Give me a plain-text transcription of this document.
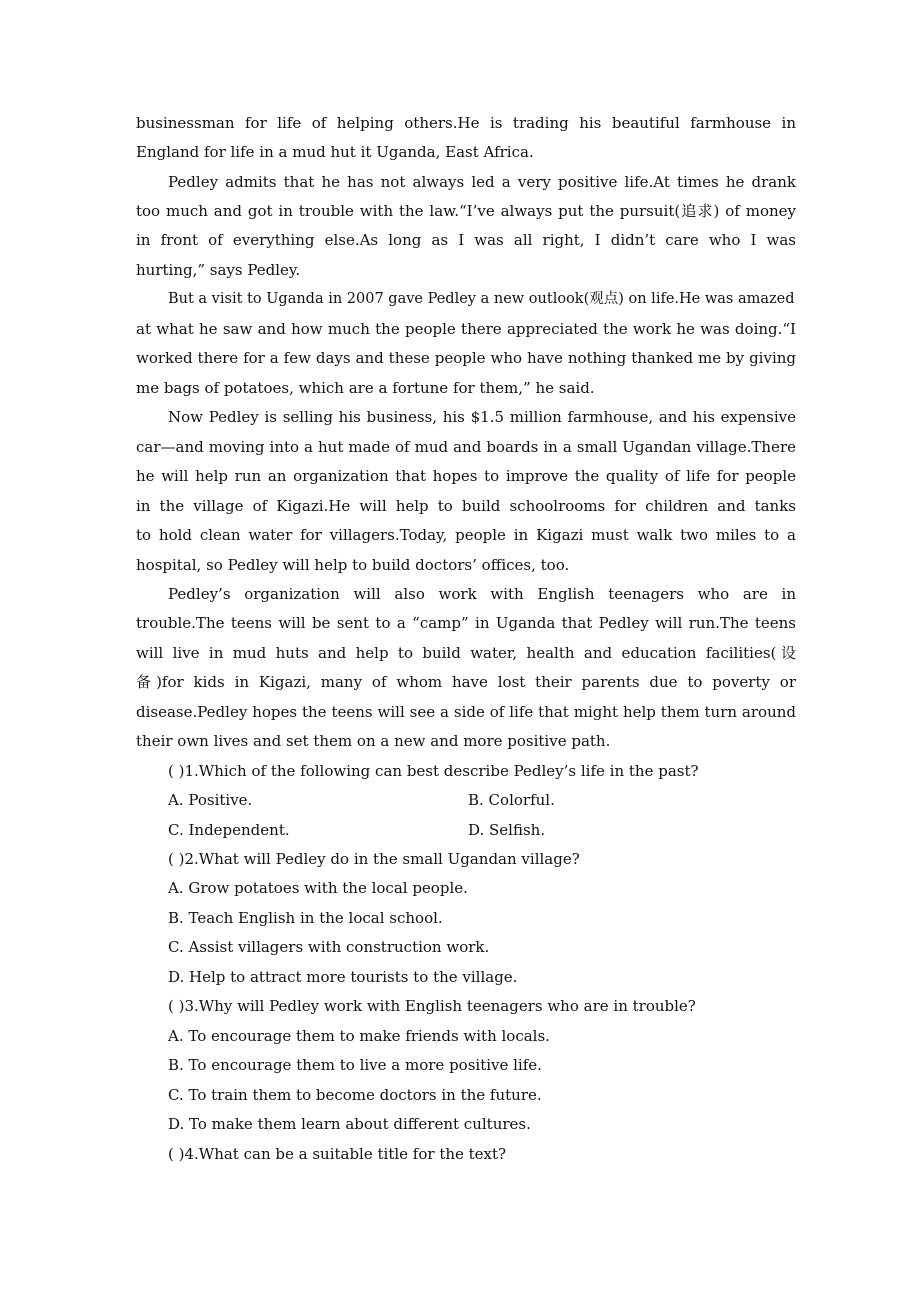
businessman for life of helping others.He is trading his beautiful farmhouse in
England for life in a mud hut it Uganda, East Africa.
Pedley admits that he has not always led a very positive life.At times he drank
too much and got in trouble with the law.“I’ve always put the pursuit(追求) of money
in front of everything else.As long as I was all right, I didn’t care who I was
hurting,” says Pedley.
But a visit to Uganda in 2007 gave Pedley a new outlook(观点) on life.He was amazed
at what he saw and how much the people there appreciated the work he was doing.“I
worked there for a few days and these people who have nothing thanked me by giving
me bags of potatoes, which are a fortune for them,” he said.
Now Pedley is selling his business, his $1.5 million farmhouse, and his expensive
car—and moving into a hut made of mud and boards in a small Ugandan village.There
he will help run an organization that hopes to improve the quality of life for people
in the village of Kigazi.He will help to build schoolrooms for children and tanks
to hold clean water for villagers.Today, people in Kigazi must walk two miles to a
hospital, so Pedley will help to build doctors’ offices, too.
Pedley’s organization will also work with English teenagers who are in
trouble.The teens will be sent to a “camp” in Uganda that Pedley will run.The teens
will live in mud huts and help to build water, health and education facilities(设
备)for kids in Kigazi, many of whom have lost their parents due to poverty or
disease.Pedley hopes the teens will see a side of life that might help them turn around
their own lives and set them on a new and more positive path.
( )1.Which of the following can best describe Pedley’s life in the past?
A. Positive.	B. Colorful.
C. Independent.	D. Selfish.
( )2.What will Pedley do in the small Ugandan village?
A. Grow potatoes with the local people.
B. Teach English in the local school.
C. Assist villagers with construction work.
D. Help to attract more tourists to the village.
( )3.Why will Pedley work with English teenagers who are in trouble?
A. To encourage them to make friends with locals.
B. To encourage them to live a more positive life.
C. To train them to become doctors in the future.
D. To make them learn about different cultures.
( )4.What can be a suitable title for the text?
